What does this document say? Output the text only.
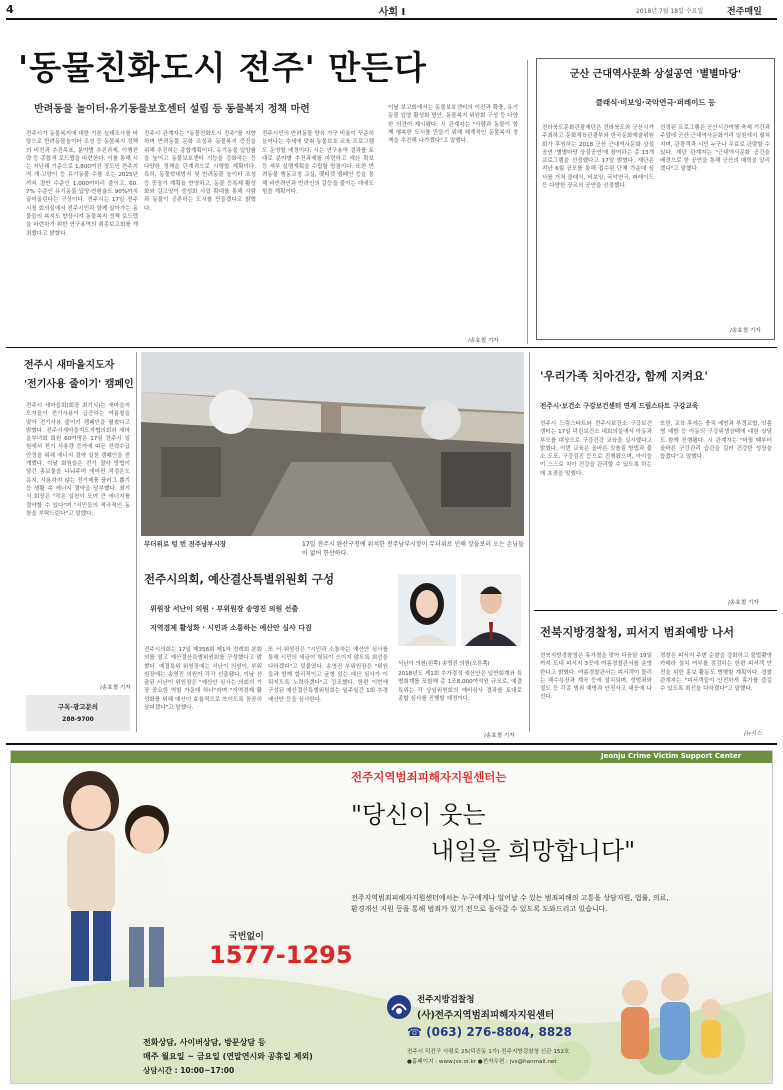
4	사회 I	2018년 7월 18일 수요일	전주매일
'동물친화도시 전주' 만든다
반려동물 놀이터·유기동물보호센터 설립 등 동물복지 정책 마련
전주시가 동물복지에 대한 기본 실태조사를 바탕으로 반려동물놀이터 조성 등 동물복지 정책의 비전과 추진목표, 분야별 추진과제, 이행전략 등 종합적 로드맵을 마련한다. 이를 통해 시는 지난해 기준으로 1,800여건 정도인 전주지역 개·고양이 등 유기동물 수를 오는 2025년까지 절반 수준인 1,000여마리 줄이고, 60.7% 수준인 유기동물 입양·반환율도 90%까지 끌어올린다는 구상이다. 전주시는 17일 전주시청 회의실에서 전주시민과 함께 살아가는 동물들의 복지도 향상시켜 동물복지 정책 로드맵을 마련하기 위한 연구용역의 최종보고회를 개최했다고 밝혔다.
전주시 관계자는 "동물친화도시 전주"를 지향하며 반려동물 문화 조성과 동물복지 증진을 위해 추진하는 종합계획이다. 유기동물 입양률을 높이고 동물보호센터 기능을 강화하는 등 다양한 정책을 단계적으로 시행할 계획이다. 특히, 동물학대방지 및 반려동물 놀이터 조성 등 중장기 계획을 반영하고, 동물 등록제 활성화와 길고양이 중성화 사업 확대를 통해 사람과 동물이 공존하는 도시를 만들겠다고 밝혔다.
전주시민의 반려동물 양육 가구 비율이 꾸준히 늘어나는 추세에 맞춰 동물보호 교육 프로그램도 운영할 예정이다. 시는 연구용역 결과를 토대로 분야별 추진과제를 마련하고 예산 확보 등 세부 실행계획을 수립할 방침이다. 또한 반려동물 행동교정 교실, 펫티켓 캠페인 등을 통해 비반려인과 반려인의 갈등을 줄이는 데에도 힘쓸 계획이다.
이날 보고회에서는 동물보호센터의 이전과 확충, 유기동물 입양 활성화 방안, 동물복지 위원회 구성 등 다양한 의견이 제시됐다. 시 관계자는 "사람과 동물이 함께 행복한 도시를 만들기 위해 체계적인 동물복지 정책을 추진해 나가겠다"고 말했다.
/송효철 기자
군산 근대역사문화 상설공연 '별별마당'
클래식·비보잉·국악연극·퍼레이드 등
전라북도문화관광재단은 전라북도와 군산시가 주최하고 문화체육관광부와 한국문화예술위원회가 후원하는 2018 군산 근대역사문화 상설공연 '별별마당 상설공연'에 참여하는 총 13개 프로그램을 선정했다고 17일 밝혔다. 재단은 지난 6월 공모를 통해 접수된 단체 가운데 심사를 거쳐 클래식, 비보잉, 국악연극, 퍼레이드 등 다양한 장르의 공연을 선정했다.
선정된 프로그램은 군산시간여행 축제 기간과 주말에 군산 근대역사문화거리 일원에서 펼쳐지며, 관광객과 시민 누구나 무료로 관람할 수 있다. 재단 관계자는 "근대역사문화 공간을 배경으로 한 공연을 통해 군산의 매력을 알리겠다"고 말했다.
/송효철 기자
전주시 새마을지도자
'전기사용 줄이기' 캠페인
전주시 새마을회(회장 최기식)는 새마을지도자들이 전기사용이 급증하는 여름철을 맞아 전기사용 줄이기 캠페인을 펼쳤다고 밝혔다. 전주시새마을지도자협의회와 새마을부녀회 회원 60여명은 17일 전주시 일원에서 전기 사용량 증가에 따른 전력수급 안정을 위해 에너지 절약 실천 캠페인을 전개했다. 이날 회원들은 전기 절약 방법이 담긴 홍보물을 나눠주며 에어컨 적정온도 유지, 사용하지 않는 전기제품 플러그 뽑기 등 생활 속 에너지 절약을 당부했다. 최기식 회장은 "작은 실천이 모여 큰 에너지를 절약할 수 있다"며 "시민들의 적극적인 동참을 부탁드린다"고 말했다.
/송효철 기자
구독·광고문의
288-9700
무더위로 텅 빈 전주남부시장	17일 전주시 완산구청에 위치한 전주남부시장이 무더위로 인해 장을보러 오는 손님들이 없어 한산하다.
전주시의회, 예산결산특별위원회 구성
위원장 서난이 의원 · 부위원장 송영진 의원 선출
지역경제 활성화 · 시민과 소통하는 예산안 심사 다짐
전주시의회는 17일 제356회 제1차 정례회 본회의를 열고 예산결산특별위원회를 구성했다고 밝혔다. 예결특위 위원장에는 서난이 의원이, 부위원장에는 송영진 의원이 각각 선출됐다. 이날 선출된 서난이 위원장은 "예산안 심사는 의회의 가장 중요한 역할 가운데 하나"라며 "지역경제 활성화를 위해 예산이 효율적으로 쓰이도록 꼼꼼히 살피겠다"고 말했다.
또 서 위원장은 "시민과 소통하는 예산안 심사를 통해 시민의 세금이 헛되이 쓰이지 않도록 최선을 다하겠다"고 덧붙였다. 송영진 부위원장은 "위원들과 함께 합리적이고 균형 있는 예산 심사가 이뤄지도록 노력하겠다"고 강조했다. 한편 이번에 구성된 예산결산특별위원회는 일주일간 1회 추경 예산안 등을 심사한다.
서난이 의원(왼쪽) 송영진 의원(오른쪽)
2018년도 제1회 추가경정 예산안은 일반회계와 특별회계를 포함해 총 1조8,000여억원 규모로, 예결특위는 각 상임위원회의 예비심사 결과를 토대로 종합 심사를 진행할 예정이다.
/송효철 기자
'우리가족 치아건강, 함께 지켜요'
전주시·보건소 구강보건센터 연계 드림스타트 구강교육
전주시 드림스타트와 전주시보건소 구강보건센터는 17일 덕진보건소 대회의실에서 아동과 부모를 대상으로 구강건강 교육을 실시했다고 밝혔다. 이번 교육은 올바른 칫솔질 방법과 불소 도포, 구강검진 등으로 진행됐으며, 아이들이 스스로 치아 건강을 관리할 수 있도록 하는 데 초점을 맞췄다.
또한, 교육 후에는 충치 예방과 부정교합, 잇몸병 예방 등 아동의 구강위생상태에 대한 상담도 함께 진행됐다. 시 관계자는 "어릴 때부터 올바른 구강관리 습관을 길러 건강한 성장을 돕겠다"고 말했다.
/송효철 기자
전북지방경찰청, 피서지 범죄예방 나서
전북지방경찰청은 휴가철을 맞아 다음달 19일까지 도내 피서지 3곳에 여름경찰관서를 운영한다고 밝혔다. 여름경찰관서는 피서객이 몰리는 해수욕장과 계곡 등에 설치되며, 성범죄와 절도 등 각종 범죄 예방과 안전사고 대응에 나선다.
경찰은 피서지 주변 순찰을 강화하고 불법촬영 카메라 설치 여부를 점검하는 한편 피서객 안전을 위한 홍보 활동도 병행할 계획이다. 경찰 관계자는 "피서객들이 안전하게 휴가를 즐길 수 있도록 최선을 다하겠다"고 말했다.
/뉴시스
Jeonju Crime Victim Support Center
전주지역범죄피해자지원센터는
"당신이 웃는
내일을 희망합니다"
전주지역범죄피해자지원센터에서는 누구에게나 일어날 수 있는 범죄피해의 고통을 상담지원, 법률, 의료, 환경개선 지원 등을 통해 범죄가 있기 전으로 돌아갈 수 있도록 도와드리고 있습니다.
국번없이
1577-1295
전화상담, 사이버상담, 방문상담 등
매주 월요일 ~ 금요일 (연말연시와 공휴일 제외)
상담시간 : 10:00~17:00
전주지방검찰청
(사)전주지역범죄피해자지원센터
☎ (063) 276-8804, 8828
전주시 덕진구 사평로 25(덕진동 1가) 전주지방검찰청 신관 152호
●홈페이지 : www.jvs.or.kr ●전자우편 : jvs@hanmail.net
